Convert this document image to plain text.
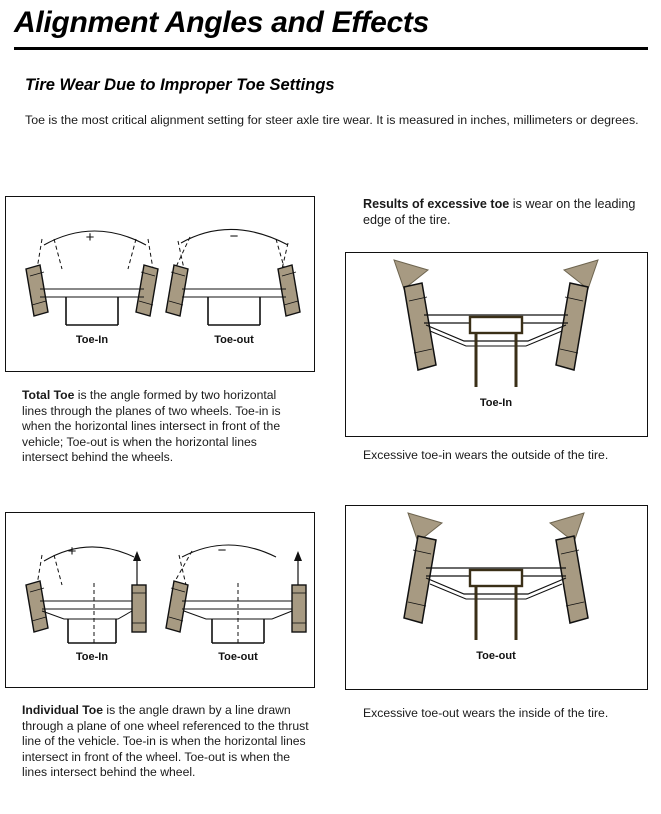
Alignment Angles and Effects
Tire Wear Due to Improper Toe Settings
Toe is the most critical alignment setting for steer axle tire wear. It is measured in inches, millimeters or degrees.
+
Toe-In
−
Toe-out
Total Toe is the angle formed by two horizontal lines through the planes of two wheels. Toe-in is when the horizontal lines intersect in front of the vehicle; Toe-out is when the horizontal lines intersect behind the wheels.
Results of excessive toe is wear on the leading edge of the tire.
Toe-In
Excessive toe-in wears the outside of the tire.
+
Toe-In
−
Toe-out
Individual Toe is the angle drawn by a line drawn through a plane of one wheel referenced to the thrust line of the vehicle. Toe-in is when the horizontal lines intersect in front of the wheel. Toe-out is when the lines intersect behind the wheel.
Toe-out
Excessive toe-out wears the inside of the tire.
